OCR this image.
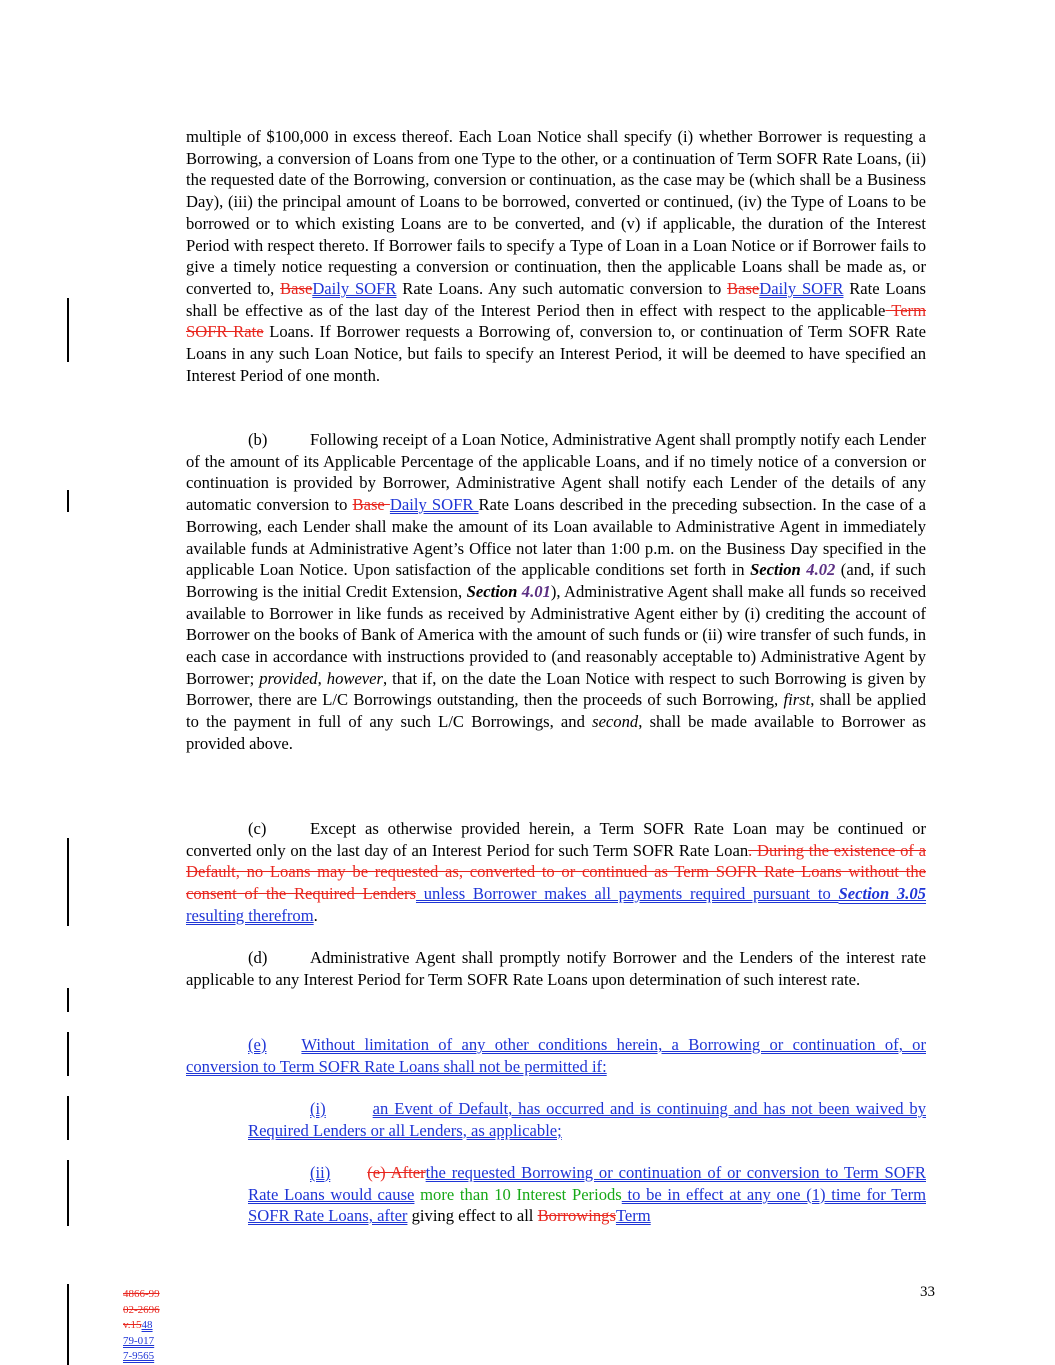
multiple of $100,000 in excess thereof. Each Loan Notice shall specify (i) whether Borrower is requesting a Borrowing, a conversion of Loans from one Type to the other, or a continuation of Term SOFR Rate Loans, (ii) the requested date of the Borrowing, conversion or continuation, as the case may be (which shall be a Business Day), (iii) the principal amount of Loans to be borrowed, converted or continued, (iv) the Type of Loans to be borrowed or to which existing Loans are to be converted, and (v) if applicable, the duration of the Interest Period with respect thereto. If Borrower fails to specify a Type of Loan in a Loan Notice or if Borrower fails to give a timely notice requesting a conversion or continuation, then the applicable Loans shall be made as, or converted to, BaseDaily SOFR Rate Loans. Any such automatic conversion to BaseDaily SOFR Rate Loans shall be effective as of the last day of the Interest Period then in effect with respect to the applicable Term SOFR Rate Loans. If Borrower requests a Borrowing of, conversion to, or continuation of Term SOFR Rate Loans in any such Loan Notice, but fails to specify an Interest Period, it will be deemed to have specified an Interest Period of one month.
(b)	Following receipt of a Loan Notice, Administrative Agent shall promptly notify each Lender of the amount of its Applicable Percentage of the applicable Loans, and if no timely notice of a conversion or continuation is provided by Borrower, Administrative Agent shall notify each Lender of the details of any automatic conversion to Base Daily SOFR Rate Loans described in the preceding subsection. In the case of a Borrowing, each Lender shall make the amount of its Loan available to Administrative Agent in immediately available funds at Administrative Agent’s Office not later than 1:00 p.m. on the Business Day specified in the applicable Loan Notice. Upon satisfaction of the applicable conditions set forth in Section 4.02 (and, if such Borrowing is the initial Credit Extension, Section 4.01), Administrative Agent shall make all funds so received available to Borrower in like funds as received by Administrative Agent either by (i) crediting the account of Borrower on the books of Bank of America with the amount of such funds or (ii) wire transfer of such funds, in each case in accordance with instructions provided to (and reasonably acceptable to) Administrative Agent by Borrower; provided, however, that if, on the date the Loan Notice with respect to such Borrowing is given by Borrower, there are L/C Borrowings outstanding, then the proceeds of such Borrowing, first, shall be applied to the payment in full of any such L/C Borrowings, and second, shall be made available to Borrower as provided above.
(c)	Except as otherwise provided herein, a Term SOFR Rate Loan may be continued or converted only on the last day of an Interest Period for such Term SOFR Rate Loan. During the existence of a Default, no Loans may be requested as, converted to or continued as Term SOFR Rate Loans without the consent of the Required Lenders unless Borrower makes all payments required pursuant to Section 3.05 resulting therefrom.
(d)	Administrative Agent shall promptly notify Borrower and the Lenders of the interest rate applicable to any Interest Period for Term SOFR Rate Loans upon determination of such interest rate.
(e) Without limitation of any other conditions herein, a Borrowing or continuation of, or conversion to Term SOFR Rate Loans shall not be permitted if:
(i)	an Event of Default, has occurred and is continuing and has not been waived by Required Lenders or all Lenders, as applicable;
(ii) (e) Afterthe requested Borrowing or continuation of or conversion to Term SOFR Rate Loans would cause more than 10 Interest Periods to be in effect at any one (1) time for Term SOFR Rate Loans, after giving effect to all BorrowingsTerm
33
4866-99
02-2696
v.1548
79-017
7-9565
